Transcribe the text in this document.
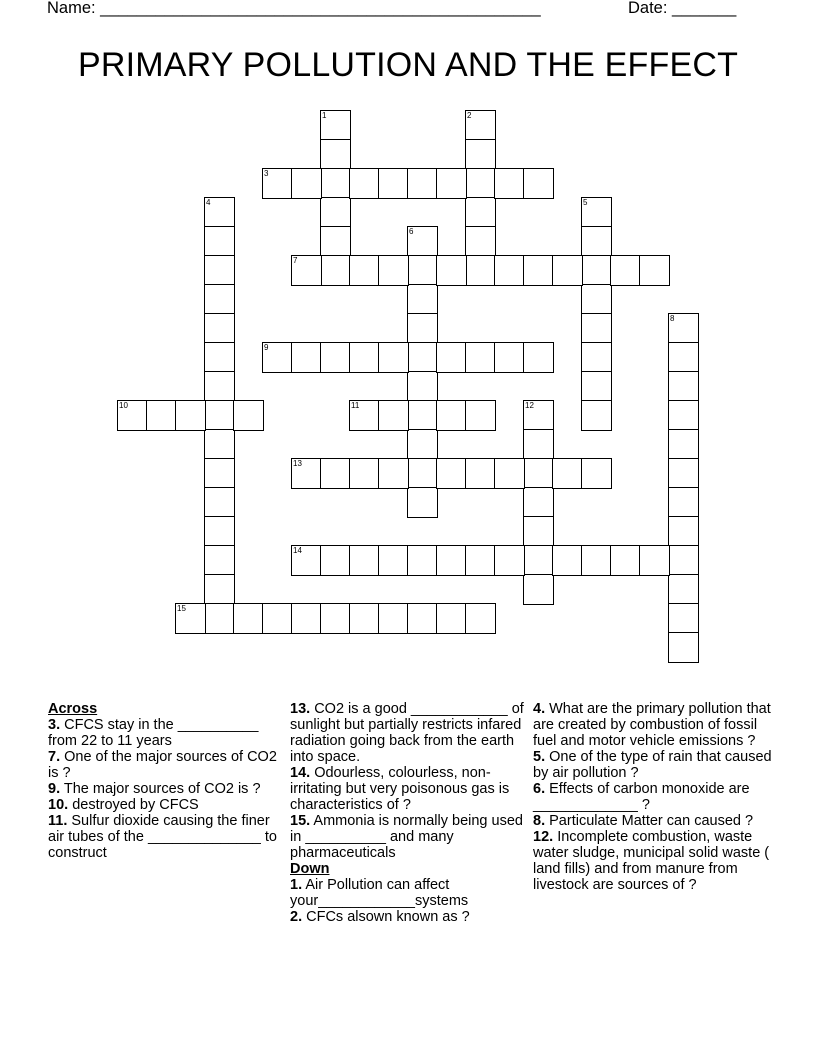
Name: ________________________________________________	Date: _______
PRIMARY POLLUTION AND THE EFFECT
1	2
3
4	5
6
7
8
9
10	11	12
13
14
15

Across

3. CFCS stay in the __________ from 22 to 11 years

7. One of the major sources of CO2 is ?

9. The major sources of CO2 is ?

10. destroyed by CFCS

11. Sulfur dioxide causing the finer air tubes of the ______________ to construct

13. CO2 is a good ____________ of sunlight but partially restricts infared radiation going back from the earth into space.

14. Odourless, colourless, non-irritating but very poisonous gas is characteristics of ?

15. Ammonia is normally being used in __________ and many pharmaceuticals

Down

1. Air Pollution can affect your____________systems

2. CFCs alsown known as ?

4. What are the primary pollution that are created by combustion of fossil fuel and motor vehicle emissions ?

5. One of the type of rain that caused by air pollution ?

6. Effects of carbon monoxide are _____________ ?

8. Particulate Matter can caused ?

12. Incomplete combustion, waste water sludge, municipal solid waste ( land fills) and from manure from livestock are sources of ?
